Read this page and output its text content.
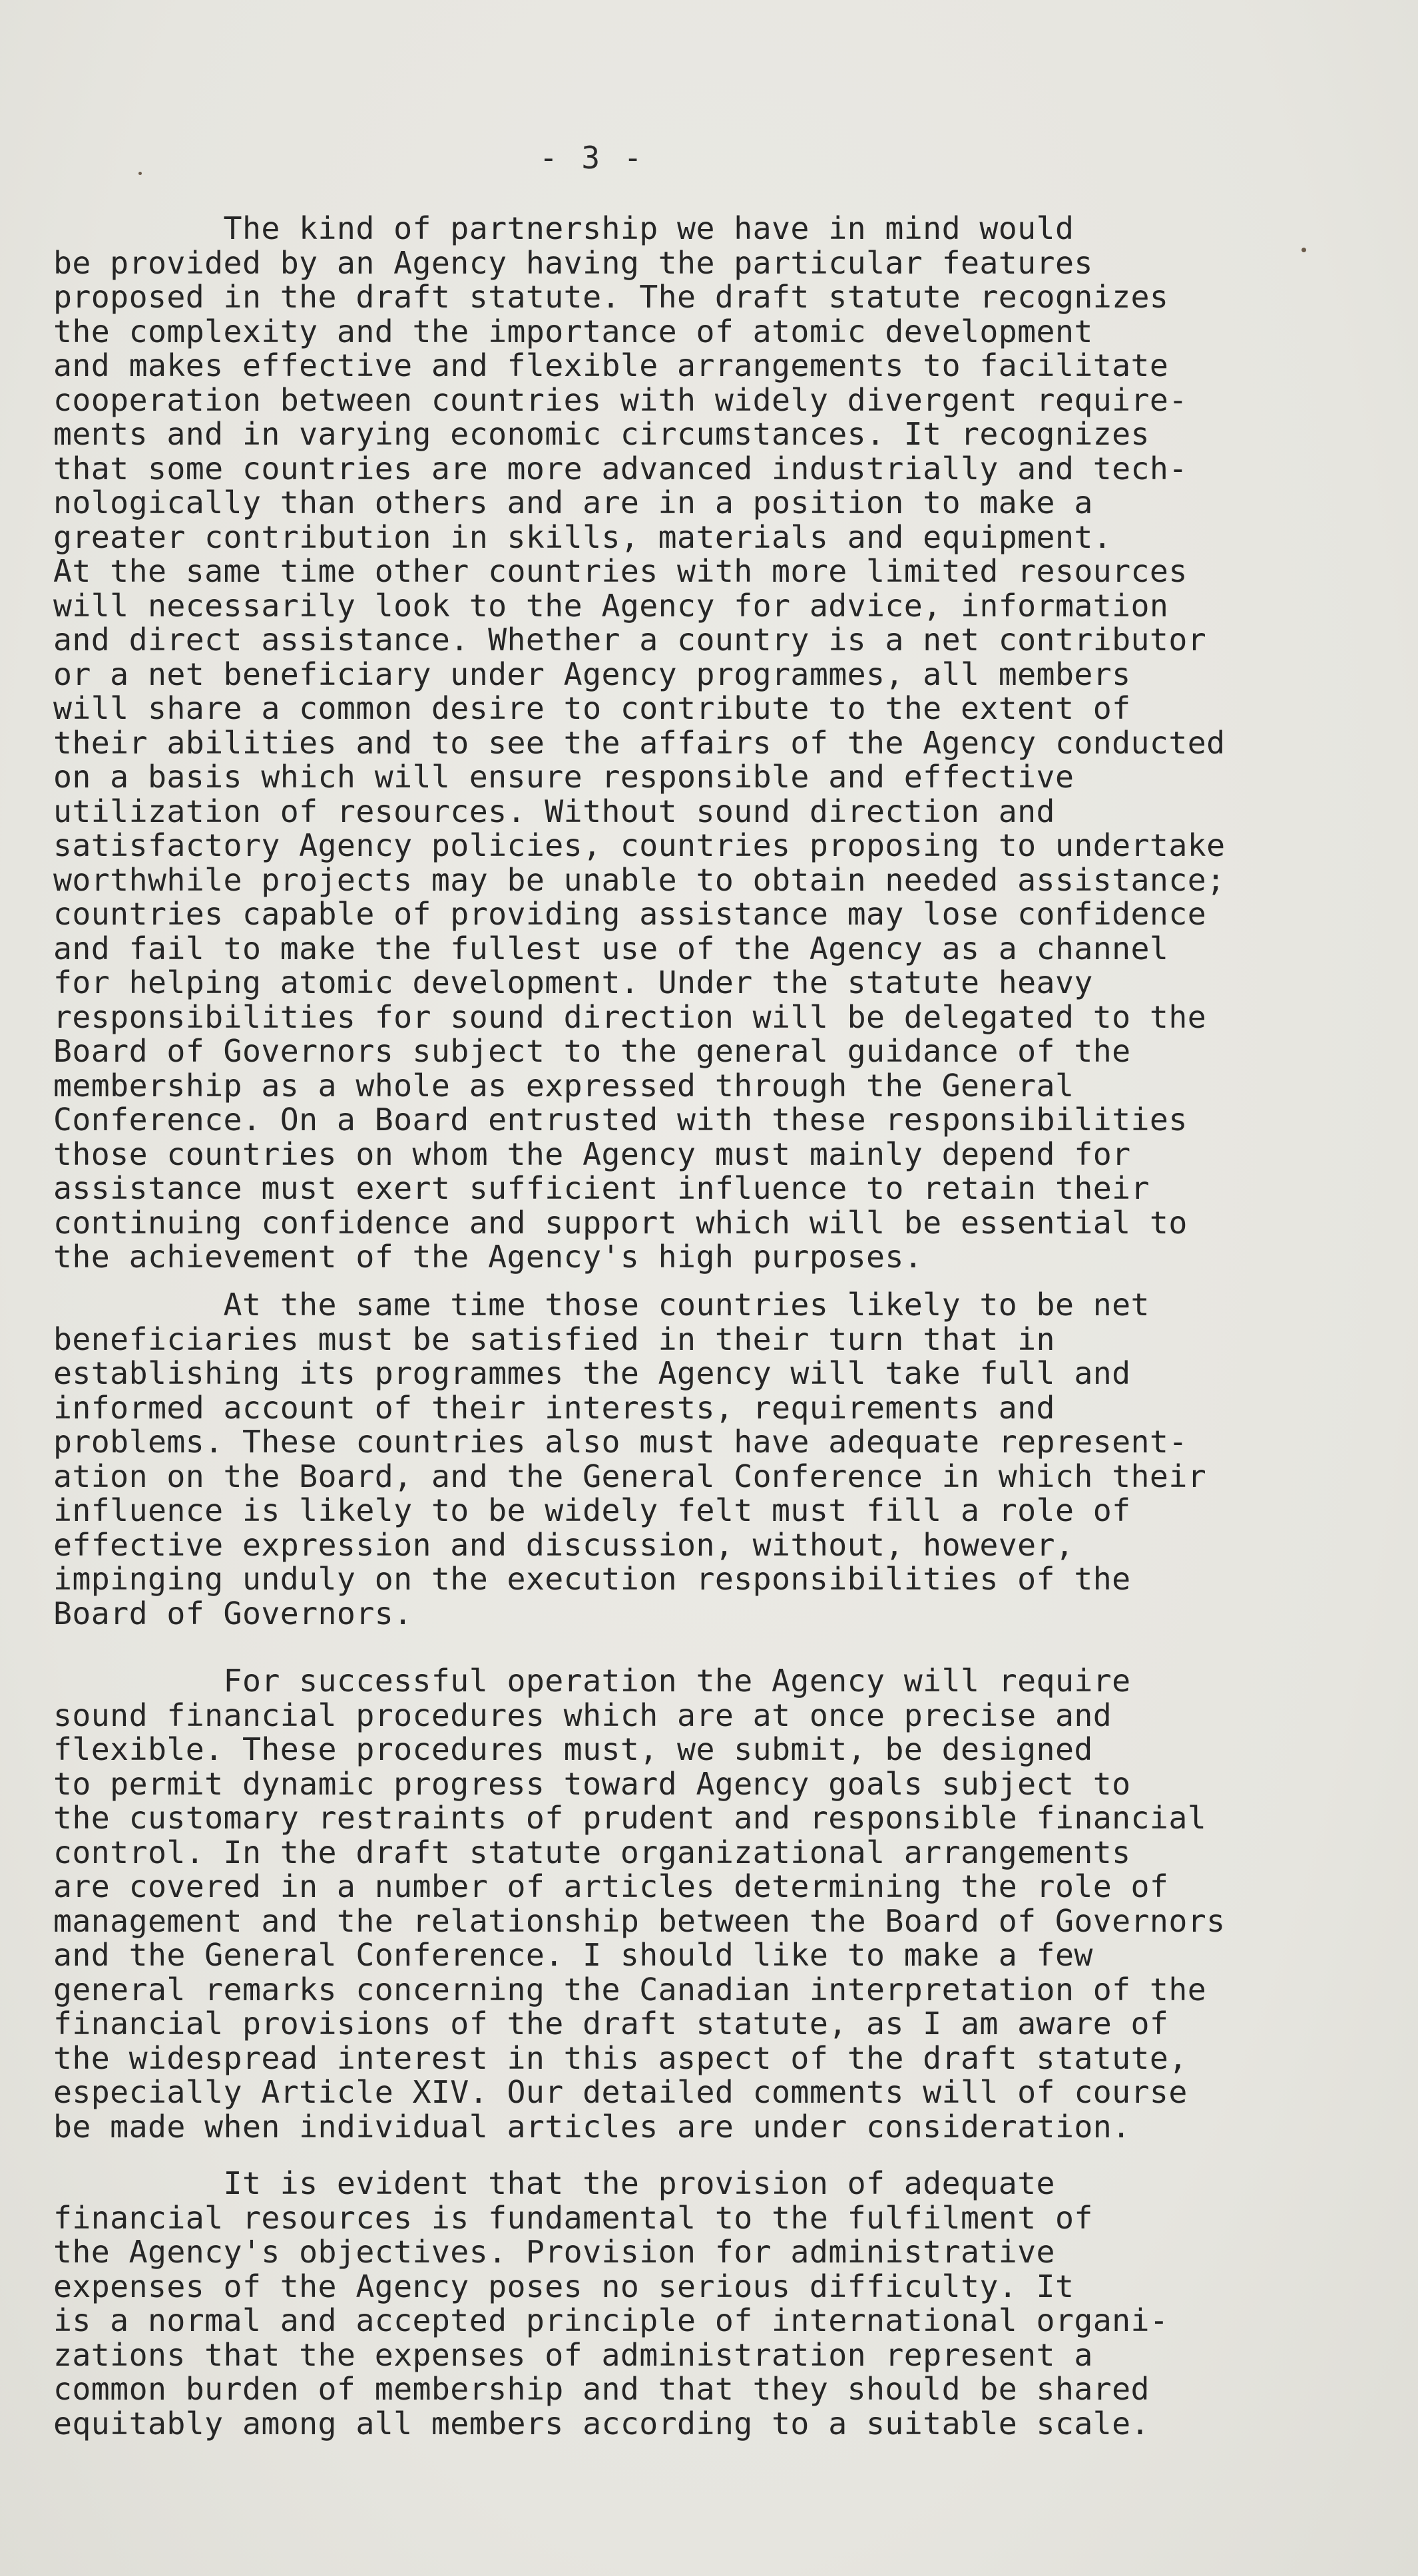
- 3 -
The kind of partnership we have in mind would
be provided by an Agency having the particular features
proposed in the draft statute. The draft statute recognizes
the complexity and the importance of atomic development
and makes effective and flexible arrangements to facilitate
cooperation between countries with widely divergent require-
ments and in varying economic circumstances. It recognizes
that some countries are more advanced industrially and tech-
nologically than others and are in a position to make a
greater contribution in skills, materials and equipment.
At the same time other countries with more limited resources
will necessarily look to the Agency for advice, information
and direct assistance. Whether a country is a net contributor
or a net beneficiary under Agency programmes, all members
will share a common desire to contribute to the extent of
their abilities and to see the affairs of the Agency conducted
on a basis which will ensure responsible and effective
utilization of resources. Without sound direction and
satisfactory Agency policies, countries proposing to undertake
worthwhile projects may be unable to obtain needed assistance;
countries capable of providing assistance may lose confidence
and fail to make the fullest use of the Agency as a channel
for helping atomic development. Under the statute heavy
responsibilities for sound direction will be delegated to the
Board of Governors subject to the general guidance of the
membership as a whole as expressed through the General
Conference. On a Board entrusted with these responsibilities
those countries on whom the Agency must mainly depend for
assistance must exert sufficient influence to retain their
continuing confidence and support which will be essential to
the achievement of the Agency's high purposes.
At the same time those countries likely to be net
beneficiaries must be satisfied in their turn that in
establishing its programmes the Agency will take full and
informed account of their interests, requirements and
problems. These countries also must have adequate represent-
ation on the Board, and the General Conference in which their
influence is likely to be widely felt must fill a role of
effective expression and discussion, without, however,
impinging unduly on the execution responsibilities of the
Board of Governors.
For successful operation the Agency will require
sound financial procedures which are at once precise and
flexible. These procedures must, we submit, be designed
to permit dynamic progress toward Agency goals subject to
the customary restraints of prudent and responsible financial
control. In the draft statute organizational arrangements
are covered in a number of articles determining the role of
management and the relationship between the Board of Governors
and the General Conference. I should like to make a few
general remarks concerning the Canadian interpretation of the
financial provisions of the draft statute, as I am aware of
the widespread interest in this aspect of the draft statute,
especially Article XIV. Our detailed comments will of course
be made when individual articles are under consideration.
It is evident that the provision of adequate
financial resources is fundamental to the fulfilment of
the Agency's objectives. Provision for administrative
expenses of the Agency poses no serious difficulty. It
is a normal and accepted principle of international organi-
zations that the expenses of administration represent a
common burden of membership and that they should be shared
equitably among all members according to a suitable scale.
